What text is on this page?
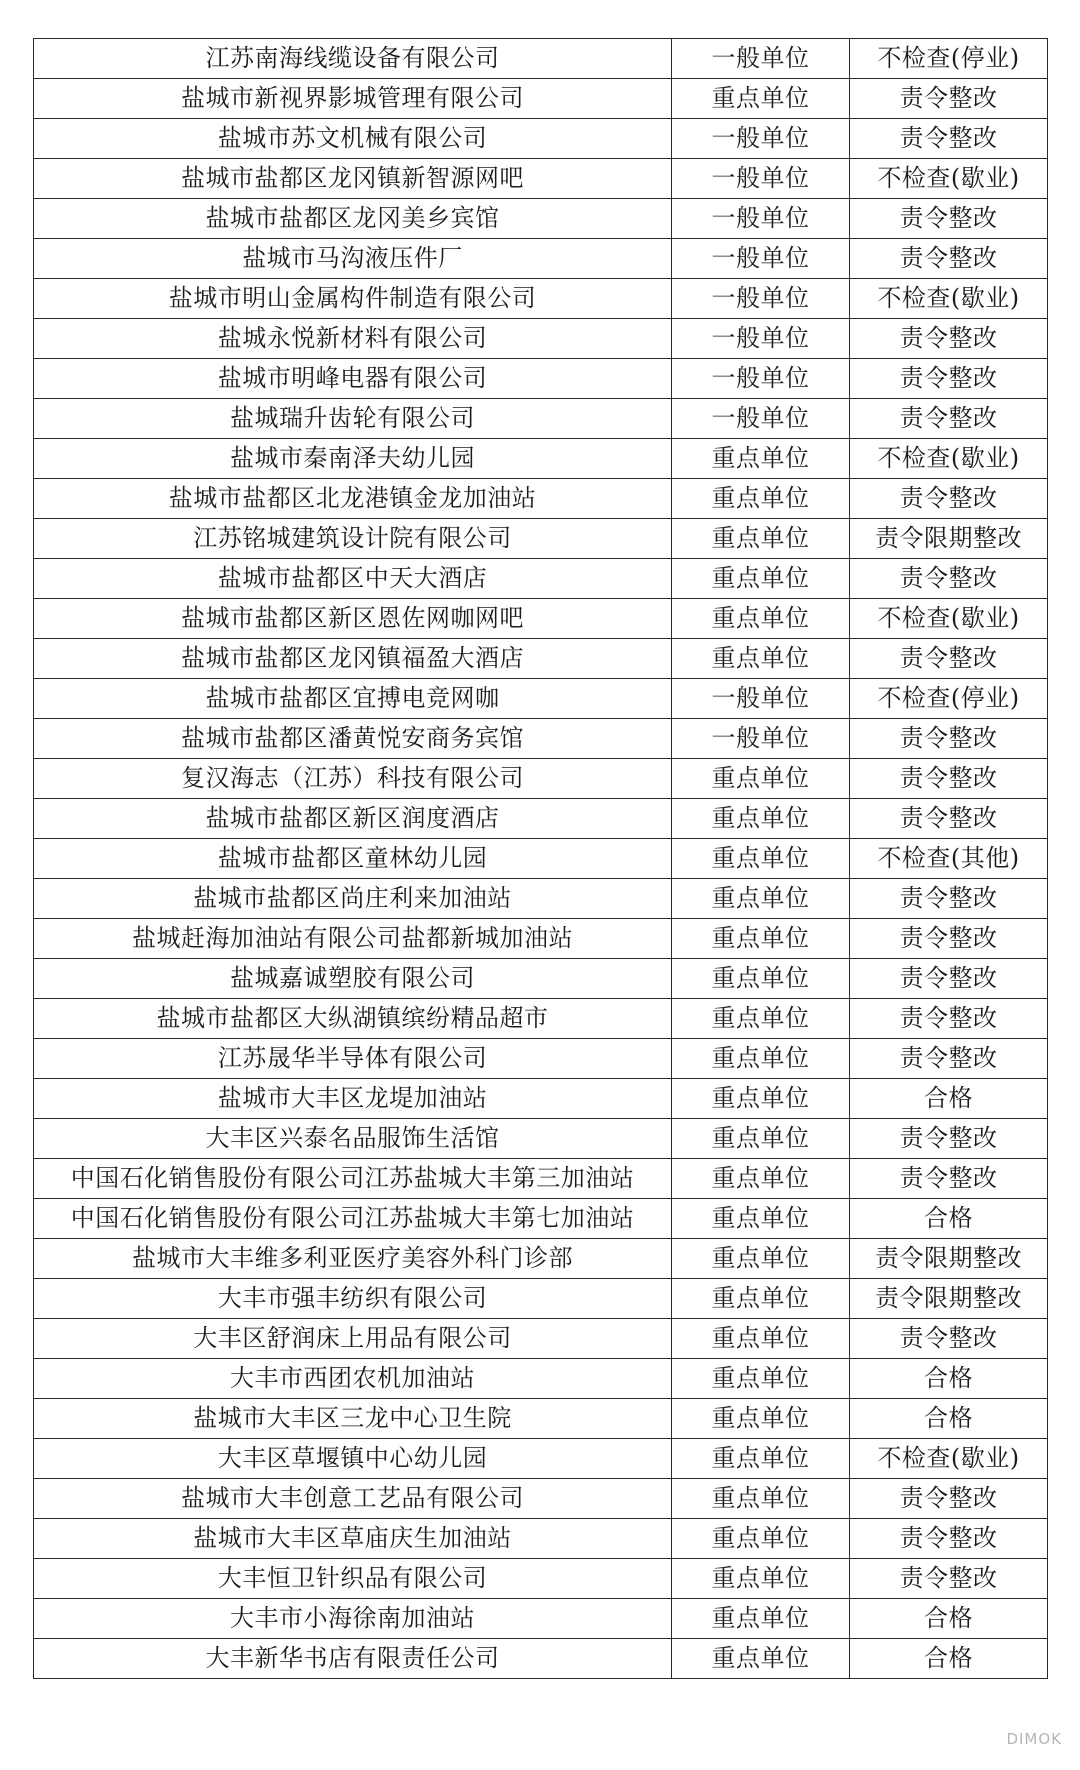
江苏南海线缆设备有限公司	一般单位	不检查(停业)
盐城市新视界影城管理有限公司	重点单位	责令整改
盐城市苏文机械有限公司	一般单位	责令整改
盐城市盐都区龙冈镇新智源网吧	一般单位	不检查(歇业)
盐城市盐都区龙冈美乡宾馆	一般单位	责令整改
盐城市马沟液压件厂	一般单位	责令整改
盐城市明山金属构件制造有限公司	一般单位	不检查(歇业)
盐城永悦新材料有限公司	一般单位	责令整改
盐城市明峰电器有限公司	一般单位	责令整改
盐城瑞升齿轮有限公司	一般单位	责令整改
盐城市秦南泽夫幼儿园	重点单位	不检查(歇业)
盐城市盐都区北龙港镇金龙加油站	重点单位	责令整改
江苏铭城建筑设计院有限公司	重点单位	责令限期整改
盐城市盐都区中天大酒店	重点单位	责令整改
盐城市盐都区新区恩佐网咖网吧	重点单位	不检查(歇业)
盐城市盐都区龙冈镇福盈大酒店	重点单位	责令整改
盐城市盐都区宜搏电竞网咖	一般单位	不检查(停业)
盐城市盐都区潘黄悦安商务宾馆	一般单位	责令整改
复汉海志（江苏）科技有限公司	重点单位	责令整改
盐城市盐都区新区润度酒店	重点单位	责令整改
盐城市盐都区童林幼儿园	重点单位	不检查(其他)
盐城市盐都区尚庄利来加油站	重点单位	责令整改
盐城赶海加油站有限公司盐都新城加油站	重点单位	责令整改
盐城嘉诚塑胶有限公司	重点单位	责令整改
盐城市盐都区大纵湖镇缤纷精品超市	重点单位	责令整改
江苏晟华半导体有限公司	重点单位	责令整改
盐城市大丰区龙堤加油站	重点单位	合格
大丰区兴泰名品服饰生活馆	重点单位	责令整改
中国石化销售股份有限公司江苏盐城大丰第三加油站	重点单位	责令整改
中国石化销售股份有限公司江苏盐城大丰第七加油站	重点单位	合格
盐城市大丰维多利亚医疗美容外科门诊部	重点单位	责令限期整改
大丰市强丰纺织有限公司	重点单位	责令限期整改
大丰区舒润床上用品有限公司	重点单位	责令整改
大丰市西团农机加油站	重点单位	合格
盐城市大丰区三龙中心卫生院	重点单位	合格
大丰区草堰镇中心幼儿园	重点单位	不检查(歇业)
盐城市大丰创意工艺品有限公司	重点单位	责令整改
盐城市大丰区草庙庆生加油站	重点单位	责令整改
大丰恒卫针织品有限公司	重点单位	责令整改
大丰市小海徐南加油站	重点单位	合格
大丰新华书店有限责任公司	重点单位	合格
DIMOK
